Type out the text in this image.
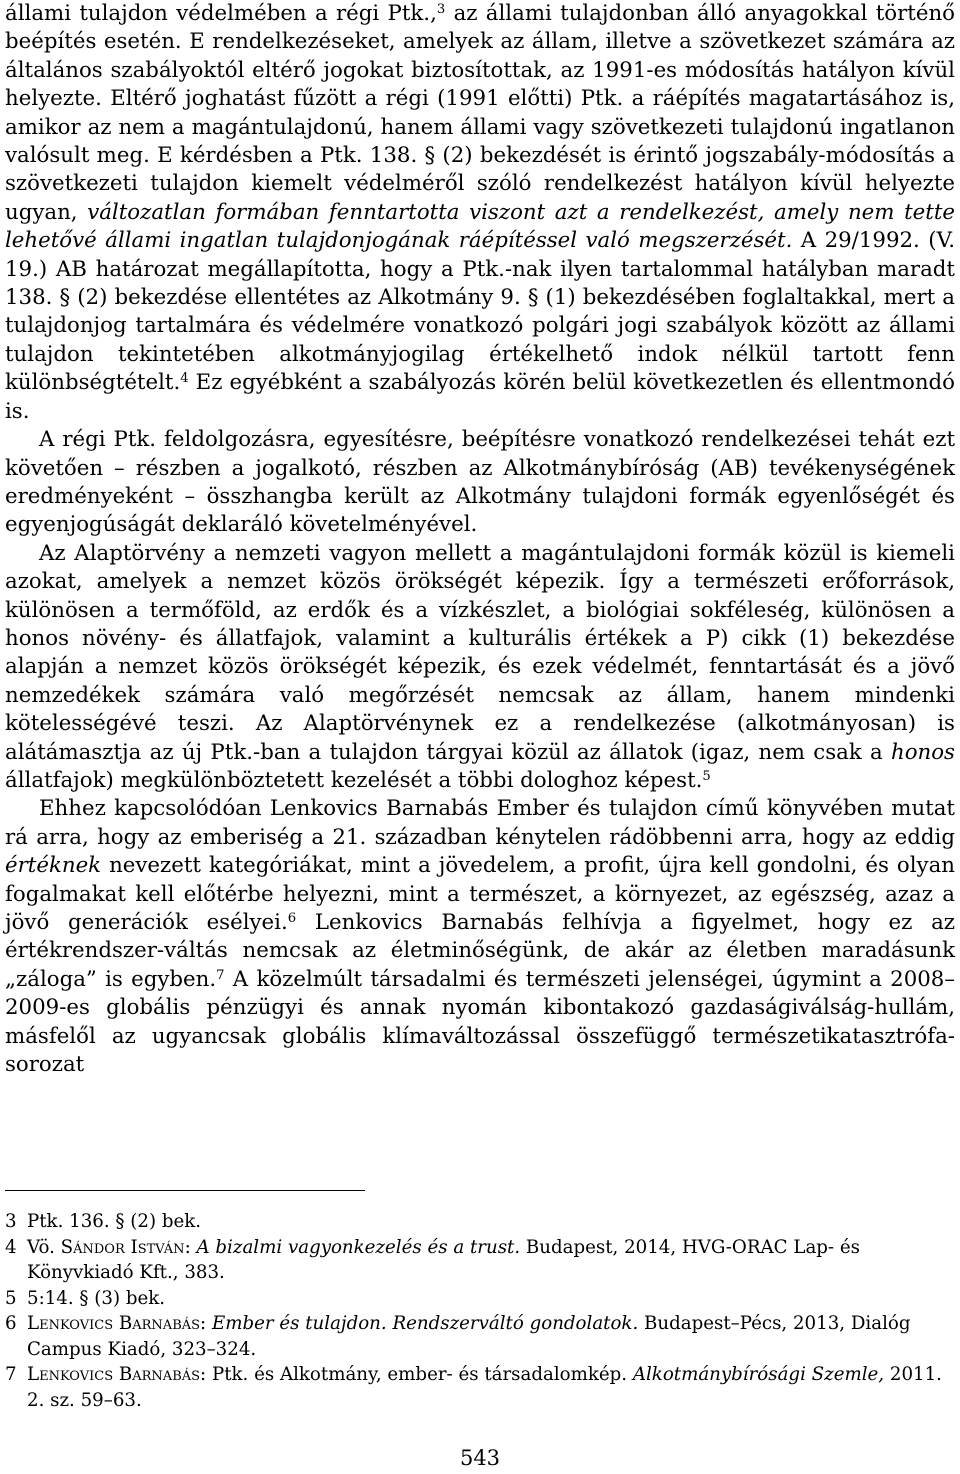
állami tulajdon védelmében a régi Ptk.,$^3$ az állami tulajdonban álló anyagokkal történő beépítés esetén. E rendelkezéseket, amelyek az állam, illetve a szövetkezet számára az általános szabályoktól eltérő jogokat biztosítottak, az 1991-es módosítás hatályon kívül helyezte. Eltérő joghatást fűzött a régi (1991 előtti) Ptk. a ráépítés magatartásához is, amikor az nem a magántulajdonú, hanem állami vagy szövetkezeti tulajdonú ingatlanon valósult meg. E kérdésben a Ptk. 138. § (2) bekezdését is érintő jogszabály-módosítás a szövetkezeti tulajdon kiemelt védelméről szóló rendelkezést hatályon kívül helyezte ugyan, változatlan formában fenntartotta viszont azt a rendelkezést, amely nem tette lehetővé állami ingatlan tulajdonjogának ráépítéssel való megszerzését. A 29/1992. (V. 19.) AB határozat megállapította, hogy a Ptk.-nak ilyen tartalommal hatályban maradt 138. § (2) bekezdése ellentétes az Alkotmány 9. § (1) bekezdésében foglaltakkal, mert a tulajdonjog tartalmára és védelmére vonatkozó polgári jogi szabályok között az állami tulajdon tekintetében alkotmányjogilag értékelhető indok nélkül tartott fenn különbségtételt.$^4$ Ez egyébként a szabályozás körén belül következetlen és ellentmondó is.

A régi Ptk. feldolgozásra, egyesítésre, beépítésre vonatkozó rendelkezései tehát ezt követően – részben a jogalkotó, részben az Alkotmánybíróság (AB) tevékenységének eredményeként – összhangba került az Alkotmány tulajdoni formák egyenlőségét és egyenjogúságát deklaráló követelményével.

Az Alaptörvény a nemzeti vagyon mellett a magántulajdoni formák közül is kiemeli azokat, amelyek a nemzet közös örökségét képezik. Így a természeti erőforrások, különösen a termőföld, az erdők és a vízkészlet, a biológiai sokféleség, különösen a honos növény- és állatfajok, valamint a kulturális értékek a P) cikk (1) bekezdése alapján a nemzet közös örökségét képezik, és ezek védelmét, fenntartását és a jövő nemzedékek számára való megőrzését nemcsak az állam, hanem mindenki kötelességévé teszi. Az Alaptörvénynek ez a rendelkezése (alkotmányosan) is alátámasztja az új Ptk.-ban a tulajdon tárgyai közül az állatok (igaz, nem csak a honos állatfajok) megkülönböztetett kezelését a többi dologhoz képest.$^5$

Ehhez kapcsolódóan Lenkovics Barnabás Ember és tulajdon című könyvében mutat rá arra, hogy az emberiség a 21. században kénytelen rádöbbenni arra, hogy az eddig értéknek nevezett kategóriákat, mint a jövedelem, a profit, újra kell gondolni, és olyan fogalmakat kell előtérbe helyezni, mint a természet, a környezet, az egészség, azaz a jövő generációk esélyei.$^6$ Lenkovics Barnabás felhívja a figyelmet, hogy ez az értékrendszer-váltás nemcsak az életminőségünk, de akár az életben maradásunk „záloga” is egyben.$^7$ A közelmúlt társadalmi és természeti jelenségei, úgymint a 2008–2009-es globális pénzügyi és annak nyomán kibontakozó gazdaságiválság-hullám, másfelől az ugyancsak globális klímaváltozással összefüggő természetikatasztrófa-sorozat

3 Ptk. 136. § (2) bek.
4 Vö. Sándor István: A bizalmi vagyonkezelés és a trust. Budapest, 2014, HVG-ORAC Lap- és Könyvkiadó Kft., 383.
5 5:14. § (3) bek.
6 Lenkovics Barnabás: Ember és tulajdon. Rendszerváltó gondolatok. Budapest–Pécs, 2013, Dialóg Campus Kiadó, 323–324.
7 Lenkovics Barnabás: Ptk. és Alkotmány, ember- és társadalomkép. Alkotmánybírósági Szemle, 2011. 2. sz. 59–63.
543
